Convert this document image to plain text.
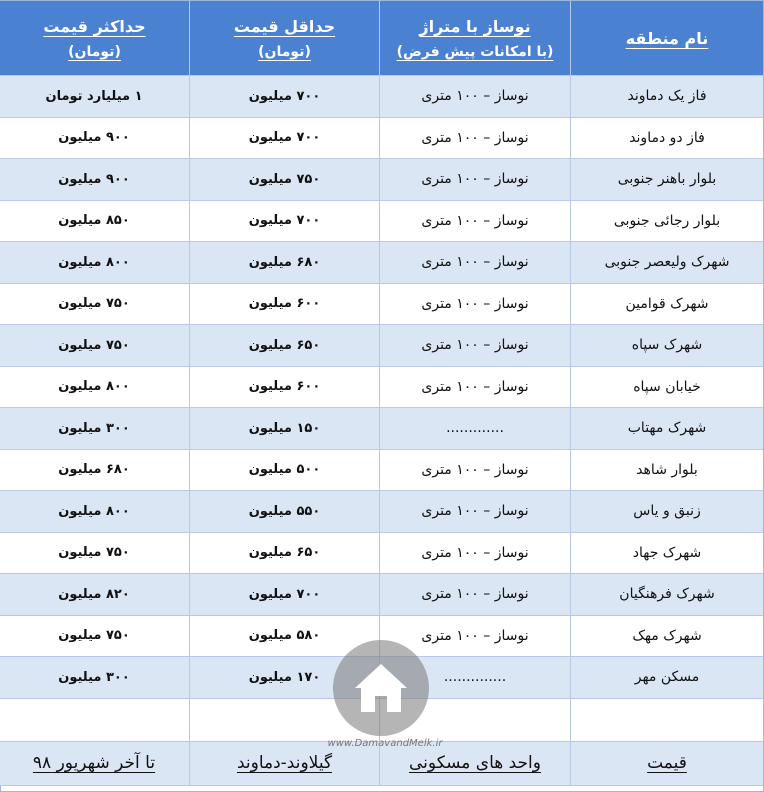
نام منطقه
نوساز با متراژ
(با امکانات پیش فرض)
حداقل قیمت
(تومان)
حداکثر قیمت
(تومان)
فاز یک دماوند
نوساز – ۱۰۰ متری
۷۰۰ میلیون
۱ میلیارد تومان
فاز دو دماوند
نوساز – ۱۰۰ متری
۷۰۰ میلیون
۹۰۰ میلیون
بلوار باهنر جنوبی
نوساز – ۱۰۰ متری
۷۵۰ میلیون
۹۰۰ میلیون
بلوار رجائی جنوبی
نوساز – ۱۰۰ متری
۷۰۰ میلیون
۸۵۰ میلیون
شهرک ولیعصر جنوبی
نوساز – ۱۰۰ متری
۶۸۰ میلیون
۸۰۰ میلیون
شهرک قوامین
نوساز – ۱۰۰ متری
۶۰۰ میلیون
۷۵۰ میلیون
شهرک سپاه
نوساز – ۱۰۰ متری
۶۵۰ میلیون
۷۵۰ میلیون
خیابان سپاه
نوساز – ۱۰۰ متری
۶۰۰ میلیون
۸۰۰ میلیون
شهرک مهتاب
.............
۱۵۰ میلیون
۳۰۰ میلیون
بلوار شاهد
نوساز – ۱۰۰ متری
۵۰۰ میلیون
۶۸۰ میلیون
زنبق و یاس
نوساز – ۱۰۰ متری
۵۵۰ میلیون
۸۰۰ میلیون
شهرک جهاد
نوساز – ۱۰۰ متری
۶۵۰ میلیون
۷۵۰ میلیون
شهرک فرهنگیان
نوساز – ۱۰۰ متری
۷۰۰ میلیون
۸۲۰ میلیون
شهرک مهک
نوساز – ۱۰۰ متری
۵۸۰ میلیون
۷۵۰ میلیون
مسکن مهر
..............
۱۷۰ میلیون
۳۰۰ میلیون
قیمت
واحد های مسکونی
گیلاوند-دماوند
تا آخر شهریور ۹۸
www.DamavandMelk.ir
